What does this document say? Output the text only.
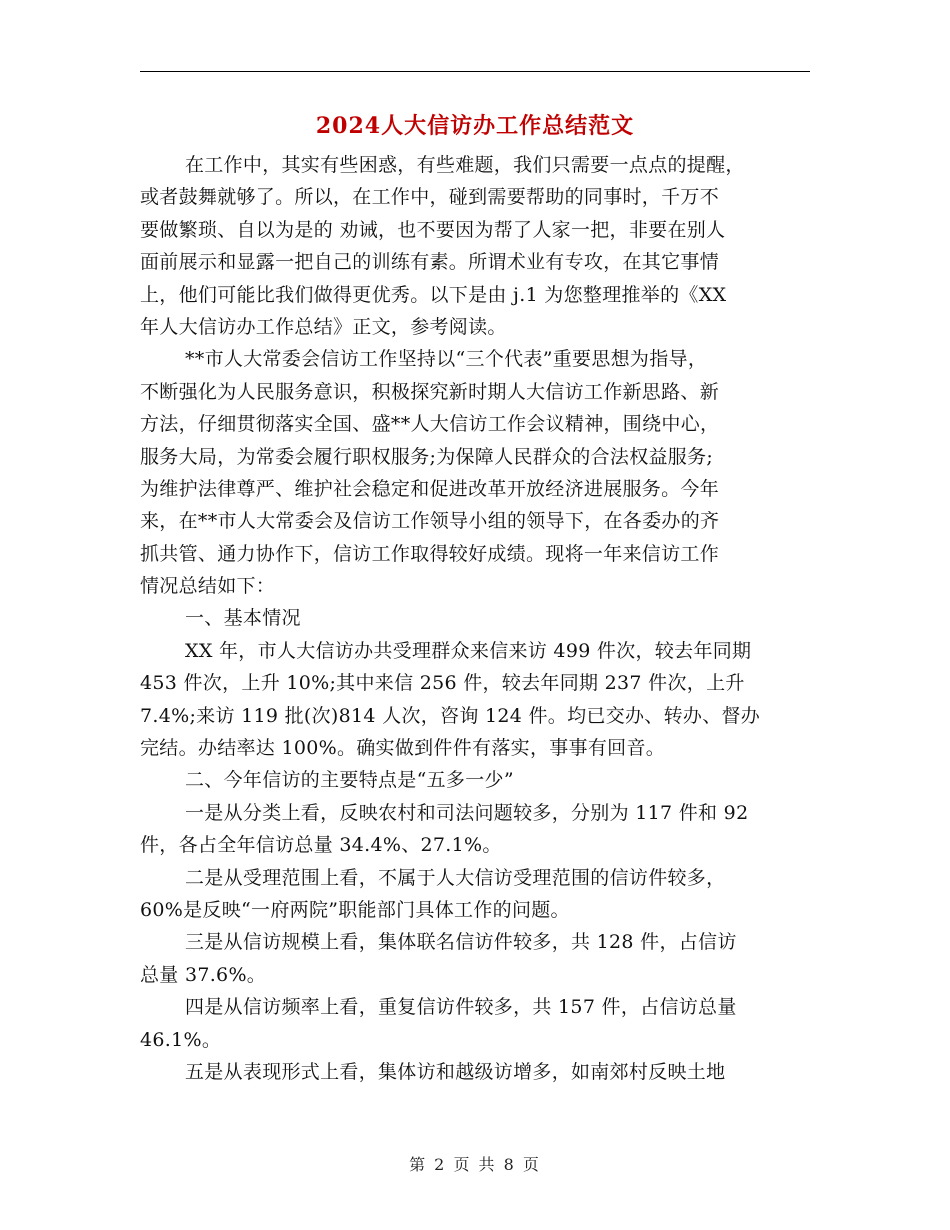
2024人大信访办工作总结范文
在工作中，其实有些困惑，有些难题，我们只需要一点点的提醒，
或者鼓舞就够了。所以，在工作中，碰到需要帮助的同事时，千万不
要做繁琐、自以为是的 劝诫，也不要因为帮了人家一把，非要在别人
面前展示和显露一把自己的训练有素。所谓术业有专攻，在其它事情
上，他们可能比我们做得更优秀。以下是由 j.1 为您整理推举的《XX
年人大信访办工作总结》正文，参考阅读。
**市人大常委会信访工作坚持以“三个代表”重要思想为指导，
不断强化为人民服务意识，积极探究新时期人大信访工作新思路、新
方法，仔细贯彻落实全国、盛**人大信访工作会议精神，围绕中心，
服务大局，为常委会履行职权服务;为保障人民群众的合法权益服务;
为维护法律尊严、维护社会稳定和促进改革开放经济进展服务。今年
来，在**市人大常委会及信访工作领导小组的领导下，在各委办的齐
抓共管、通力协作下，信访工作取得较好成绩。现将一年来信访工作
情况总结如下：
一、基本情况
XX 年，市人大信访办共受理群众来信来访 499 件次，较去年同期
453 件次，上升 10%;其中来信 256 件，较去年同期 237 件次，上升
7.4%;来访 119 批(次)814 人次，咨询 124 件。均已交办、转办、督办
完结。办结率达 100%。确实做到件件有落实，事事有回音。
二、今年信访的主要特点是“五多一少”
一是从分类上看，反映农村和司法问题较多，分别为 117 件和 92
件，各占全年信访总量 34.4%、27.1%。
二是从受理范围上看，不属于人大信访受理范围的信访件较多，
60%是反映“一府两院”职能部门具体工作的问题。
三是从信访规模上看，集体联名信访件较多，共 128 件，占信访
总量 37.6%。
四是从信访频率上看，重复信访件较多，共 157 件，占信访总量
46.1%。
五是从表现形式上看，集体访和越级访增多，如南郊村反映土地
第 2 页 共 8 页
